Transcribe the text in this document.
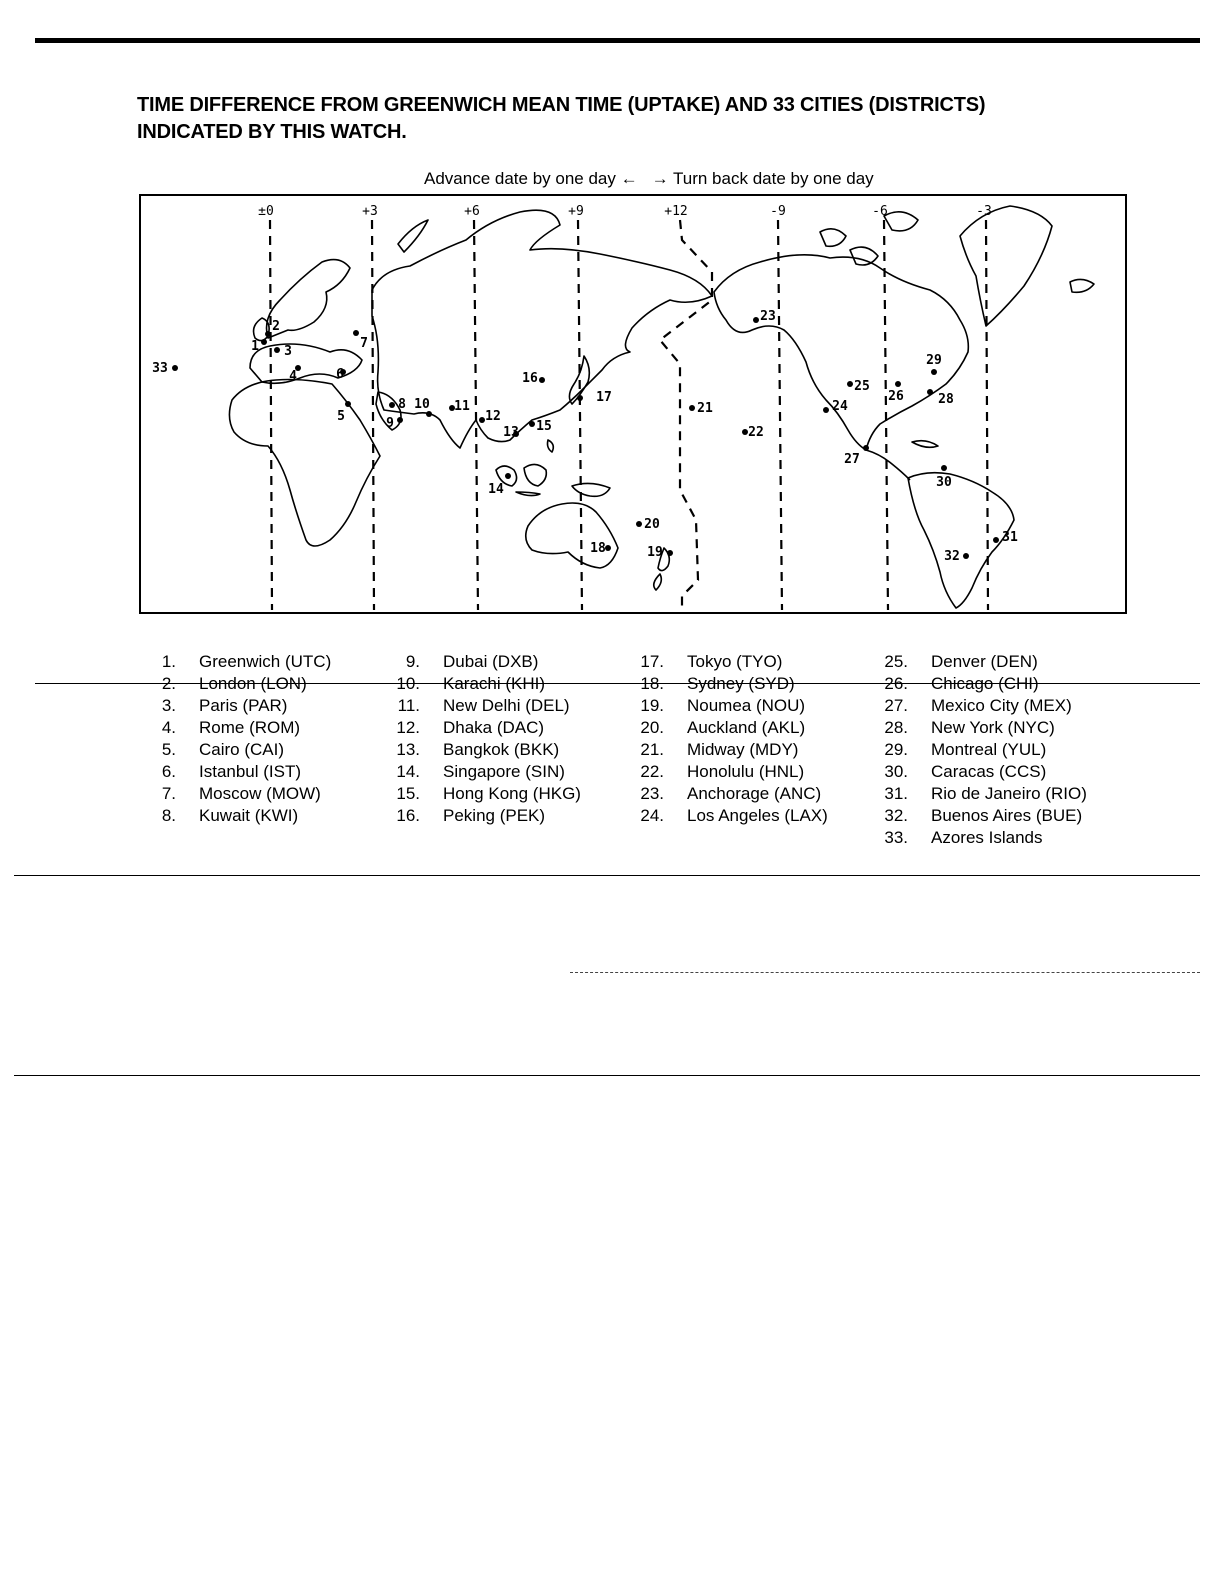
TIME DIFFERENCE FROM GREENWICH MEAN TIME (UPTAKE) AND 33 CITIES (DISTRICTS)
INDICATED BY THIS WATCH.
Advance date by one day ← → Turn back date by one day
±0	+3	+6	+9	+12	-9	-6	-3
1
2
3
4
5
6
7
8
9
10 11
12
13
14
15
16
17
18	19
20
21
22
23
24
25
26
27
28
29
30
31
32
33
1. Greenwich (UTC)
2. London (LON)
3. Paris (PAR)
4. Rome (ROM)
5. Cairo (CAI)
6. Istanbul (IST)
7. Moscow (MOW)
8. Kuwait (KWI)
9. Dubai (DXB)
10. Karachi (KHI)
11. New Delhi (DEL)
12. Dhaka (DAC)
13. Bangkok (BKK)
14. Singapore (SIN)
15. Hong Kong (HKG)
16. Peking (PEK)
17. Tokyo (TYO)
18. Sydney (SYD)
19. Noumea (NOU)
20. Auckland (AKL)
21. Midway (MDY)
22. Honolulu (HNL)
23. Anchorage (ANC)
24. Los Angeles (LAX)
25. Denver (DEN)
26. Chicago (CHI)
27. Mexico City (MEX)
28. New York (NYC)
29. Montreal (YUL)
30. Caracas (CCS)
31. Rio de Janeiro (RIO)
32. Buenos Aires (BUE)
33. Azores Islands
